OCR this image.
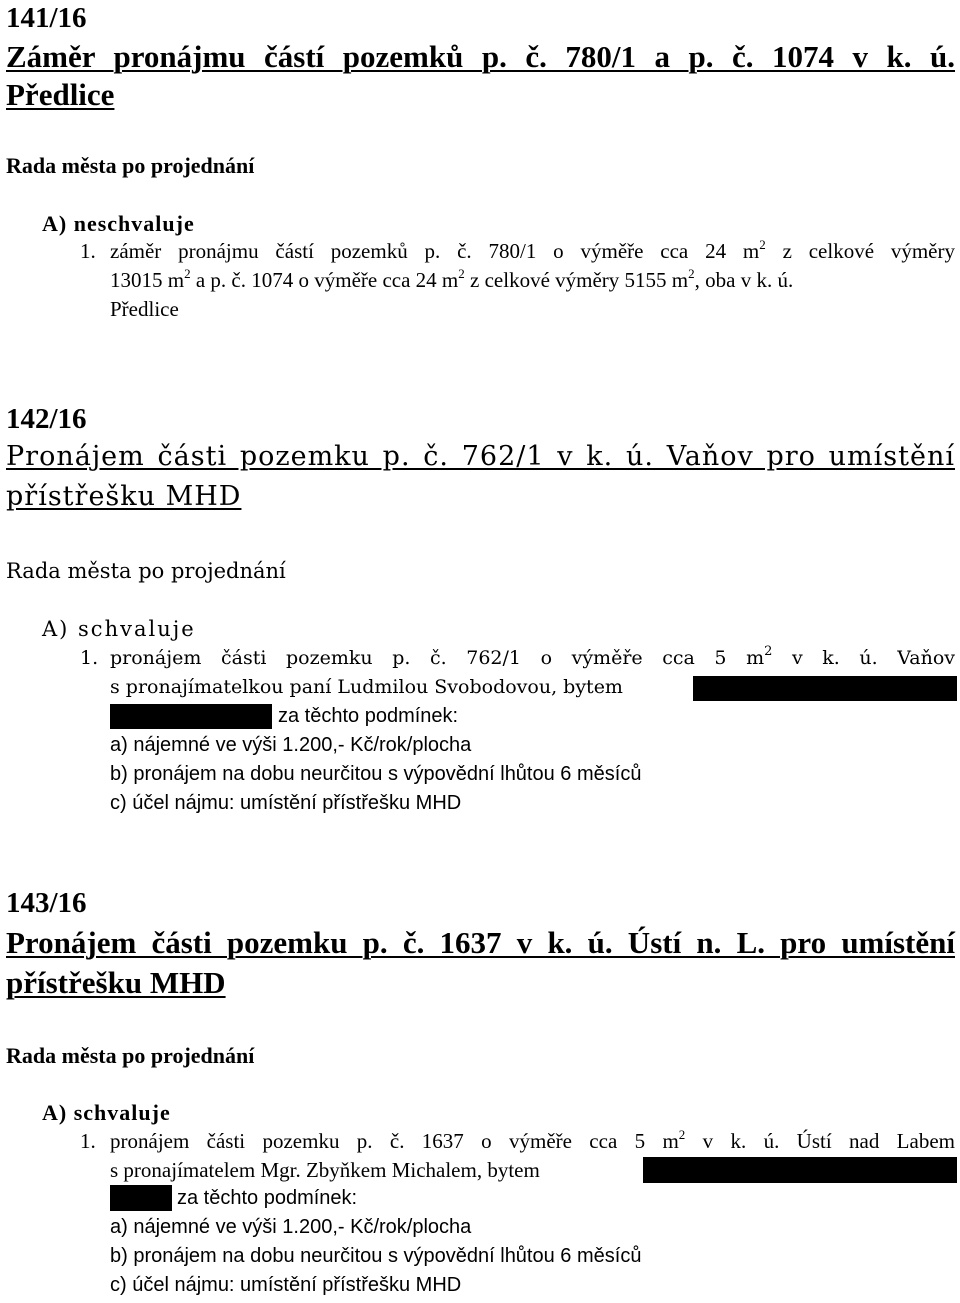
141/16
Záměr pronájmu částí pozemků p. č. 780/1 a p. č. 1074 v k. ú.
Předlice
Rada města po projednání
A) neschvaluje
1. záměr pronájmu částí pozemků p. č. 780/1 o výměře cca 24 $m^2$ z celkové výměry
13015 $m^2$ a p. č. 1074 o výměře cca 24 $m^2$ z celkové výměry 5155 $m^2$, oba v k. ú.
Předlice
142/16
Pronájem části pozemku p. č. 762/1 v k. ú. Vaňov pro umístění
přístřešku MHD
Rada města po projednání
A) schvaluje
1. pronájem části pozemku p. č. 762/1 o výměře cca 5 $m^2$ v k. ú. Vaňov
s pronajímatelkou paní Ludmilou Svobodovou, bytem
za těchto podmínek:
a) nájemné ve výši 1.200,- Kč/rok/plocha
b) pronájem na dobu neurčitou s výpovědní lhůtou 6 měsíců
c) účel nájmu: umístění přístřešku MHD
143/16
Pronájem části pozemku p. č. 1637 v k. ú. Ústí n. L. pro umístění
přístřešku MHD
Rada města po projednání
A) schvaluje
1. pronájem části pozemku p. č. 1637 o výměře cca 5 $m^2$ v k. ú. Ústí nad Labem
s pronajímatelem Mgr. Zbyňkem Michalem, bytem
za těchto podmínek:
a) nájemné ve výši 1.200,- Kč/rok/plocha
b) pronájem na dobu neurčitou s výpovědní lhůtou 6 měsíců
c) účel nájmu: umístění přístřešku MHD
